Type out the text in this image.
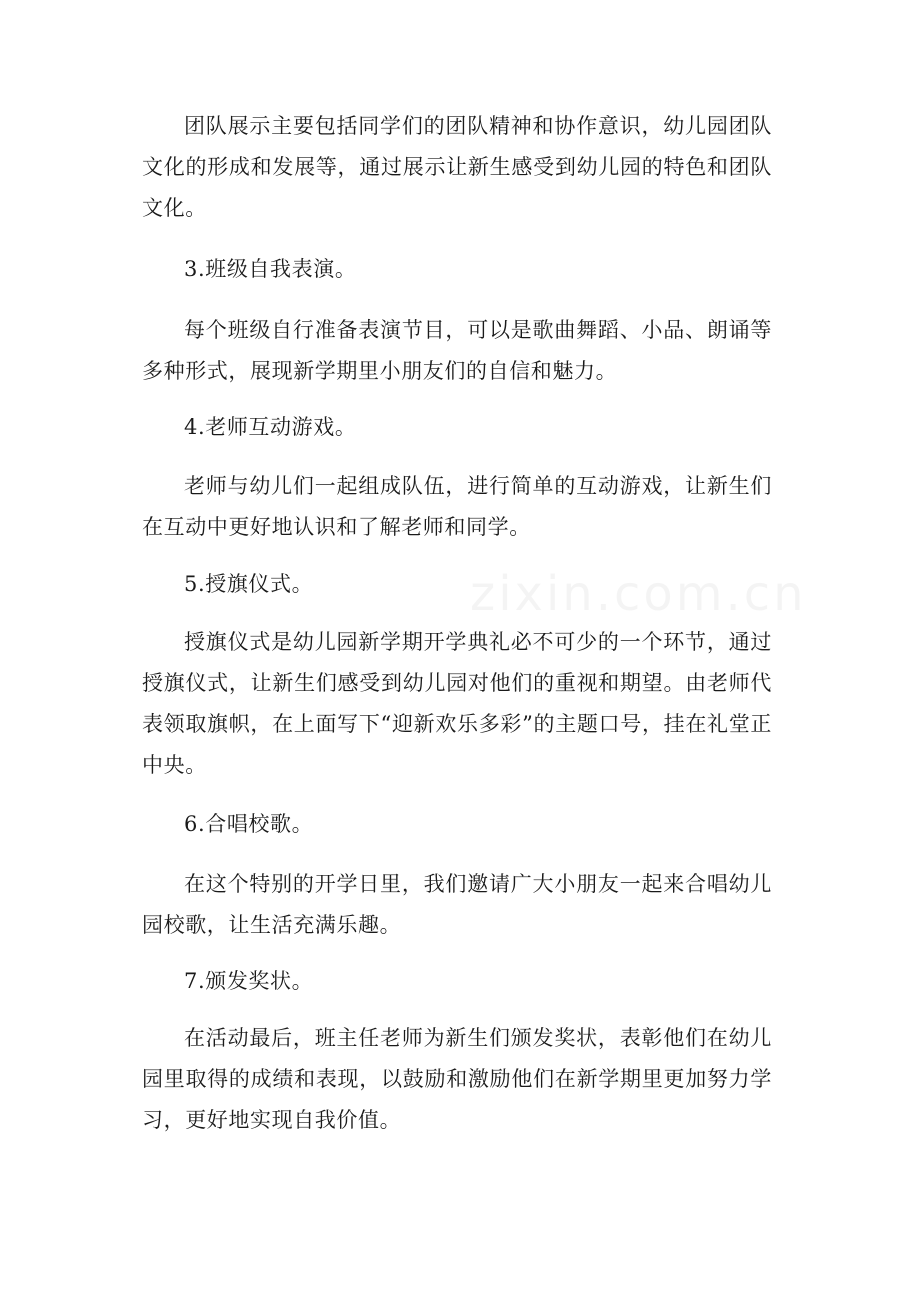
团队展示主要包括同学们的团队精神和协作意识，幼儿园团队文化的形成和发展等，通过展示让新生感受到幼儿园的特色和团队文化。

3.班级自我表演。

每个班级自行准备表演节目，可以是歌曲舞蹈、小品、朗诵等多种形式，展现新学期里小朋友们的自信和魅力。

4.老师互动游戏。

老师与幼儿们一起组成队伍，进行简单的互动游戏，让新生们在互动中更好地认识和了解老师和同学。

5.授旗仪式。

授旗仪式是幼儿园新学期开学典礼必不可少的一个环节，通过授旗仪式，让新生们感受到幼儿园对他们的重视和期望。由老师代表领取旗帜，在上面写下“迎新欢乐多彩”的主题口号，挂在礼堂正中央。

6.合唱校歌。

在这个特别的开学日里，我们邀请广大小朋友一起来合唱幼儿园校歌，让生活充满乐趣。

7.颁发奖状。

在活动最后，班主任老师为新生们颁发奖状，表彰他们在幼儿园里取得的成绩和表现，以鼓励和激励他们在新学期里更加努力学习，更好地实现自我价值。
